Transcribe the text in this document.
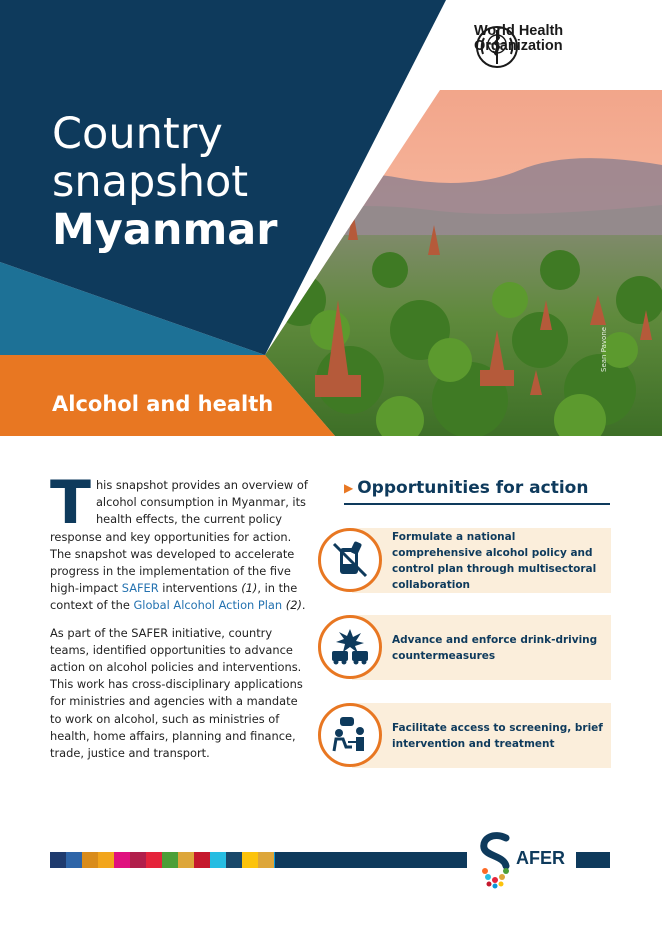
Country
snapshot
Myanmar
Alcohol and health
Sean Pavone
World Health
Organization

This snapshot provides an overview of alcohol consumption in Myanmar, its health effects, the current policy response and key opportunities for action. The snapshot was developed to accelerate progress in the implementation of the five high-impact SAFER interventions (1), in the context of the Global Alcohol Action Plan (2).

As part of the SAFER initiative, country teams, identified opportunities to advance action on alcohol policies and interventions. This work has cross-disciplinary applications for ministries and agencies with a mandate to work on alcohol, such as ministries of health, home affairs, planning and finance, trade, justice and transport.

▶ Opportunities for action
Formulate a national comprehensive alcohol policy and control plan through multisectoral collaboration
Advance and enforce drink-driving countermeasures
Facilitate access to screening, brief intervention and treatment
AFER
